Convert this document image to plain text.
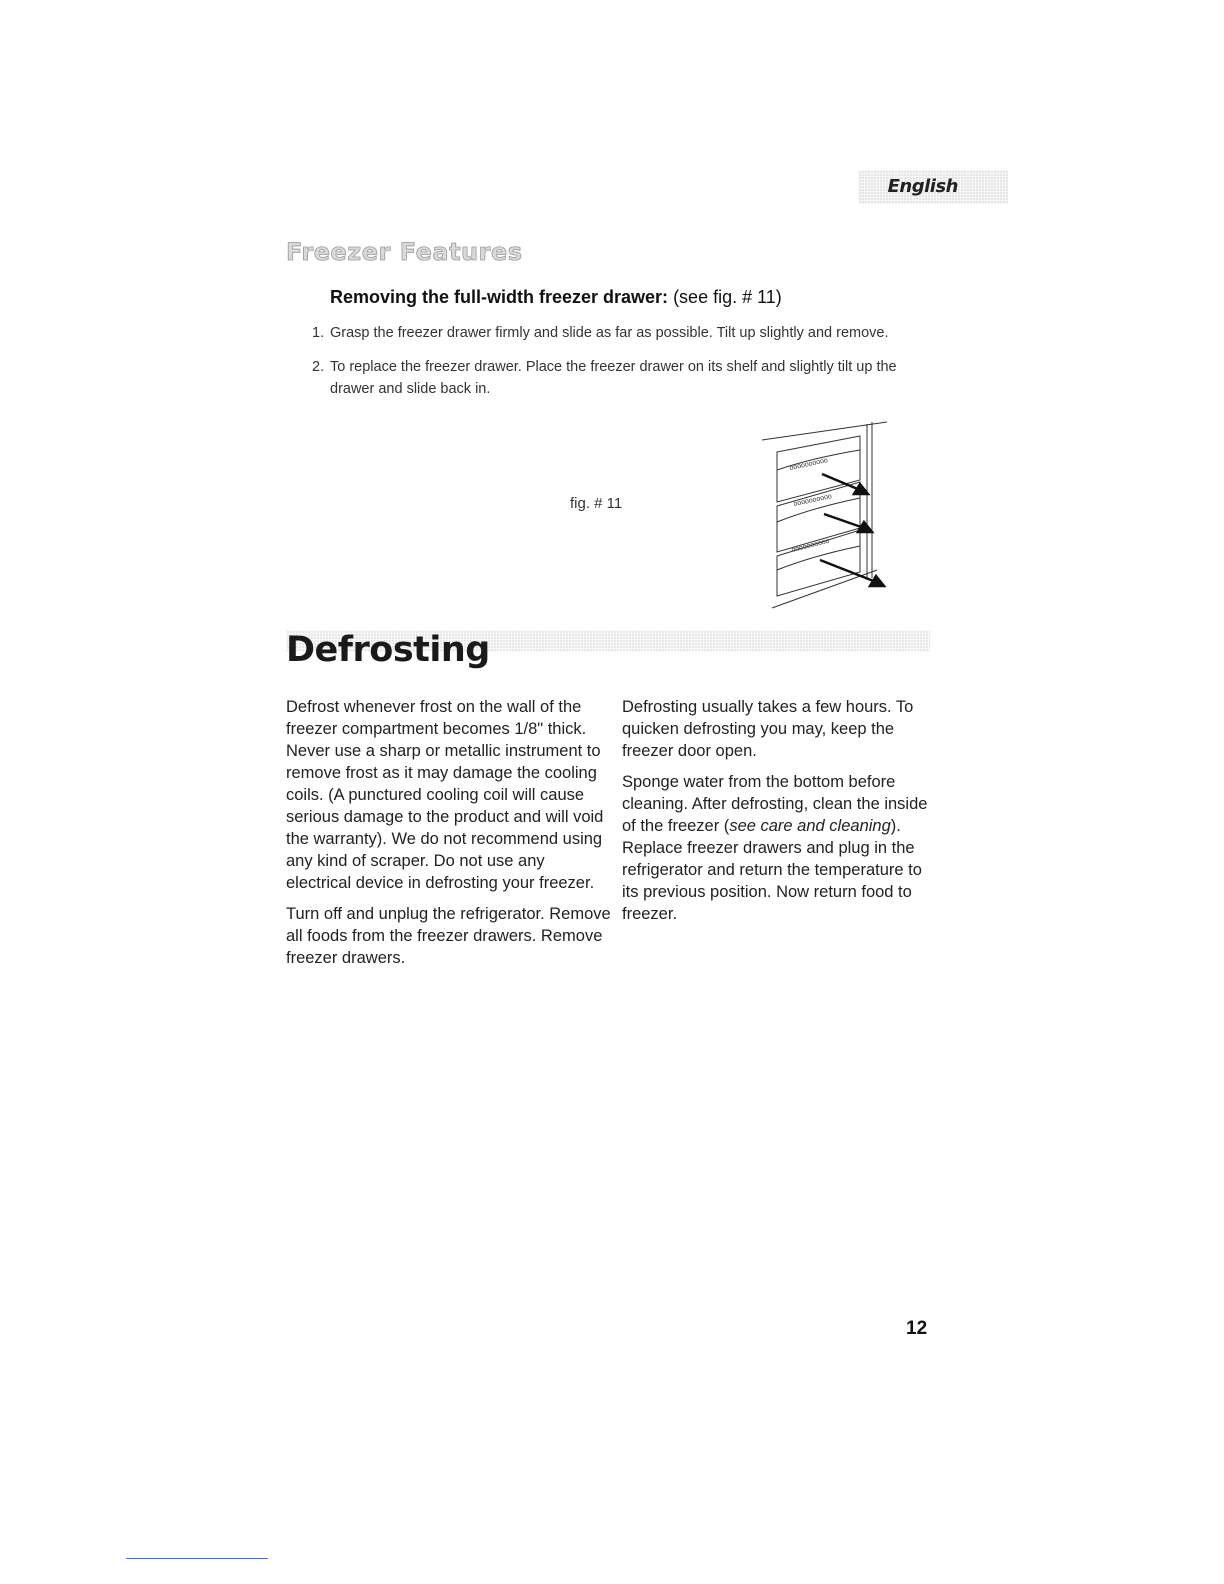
English
Freezer Features
Removing the full-width freezer drawer: (see fig. # 11)
1. Grasp the freezer drawer firmly and slide as far as possible. Tilt up slightly and remove.
2. To replace the freezer drawer. Place the freezer drawer on its shelf and slightly tilt up the drawer and slide back in.
fig. # 11
oooooooooo
oooooooooo
oooooooooo
Defrosting

Defrost whenever frost on the wall of the freezer compartment becomes 1/8" thick. Never use a sharp or metallic instrument to remove frost as it may damage the cooling coils. (A punctured cooling coil will cause serious damage to the product and will void the warranty). We do not recommend using any kind of scraper. Do not use any electrical device in defrosting your freezer.

Turn off and unplug the refrigerator. Remove all foods from the freezer drawers. Remove freezer drawers.

Defrosting usually takes a few hours. To quicken defrosting you may, keep the freezer door open.

Sponge water from the bottom before cleaning. After defrosting, clean the inside of the freezer (see care and cleaning). Replace freezer drawers and plug in the refrigerator and return the temperature to its previous position. Now return food to freezer.

12
